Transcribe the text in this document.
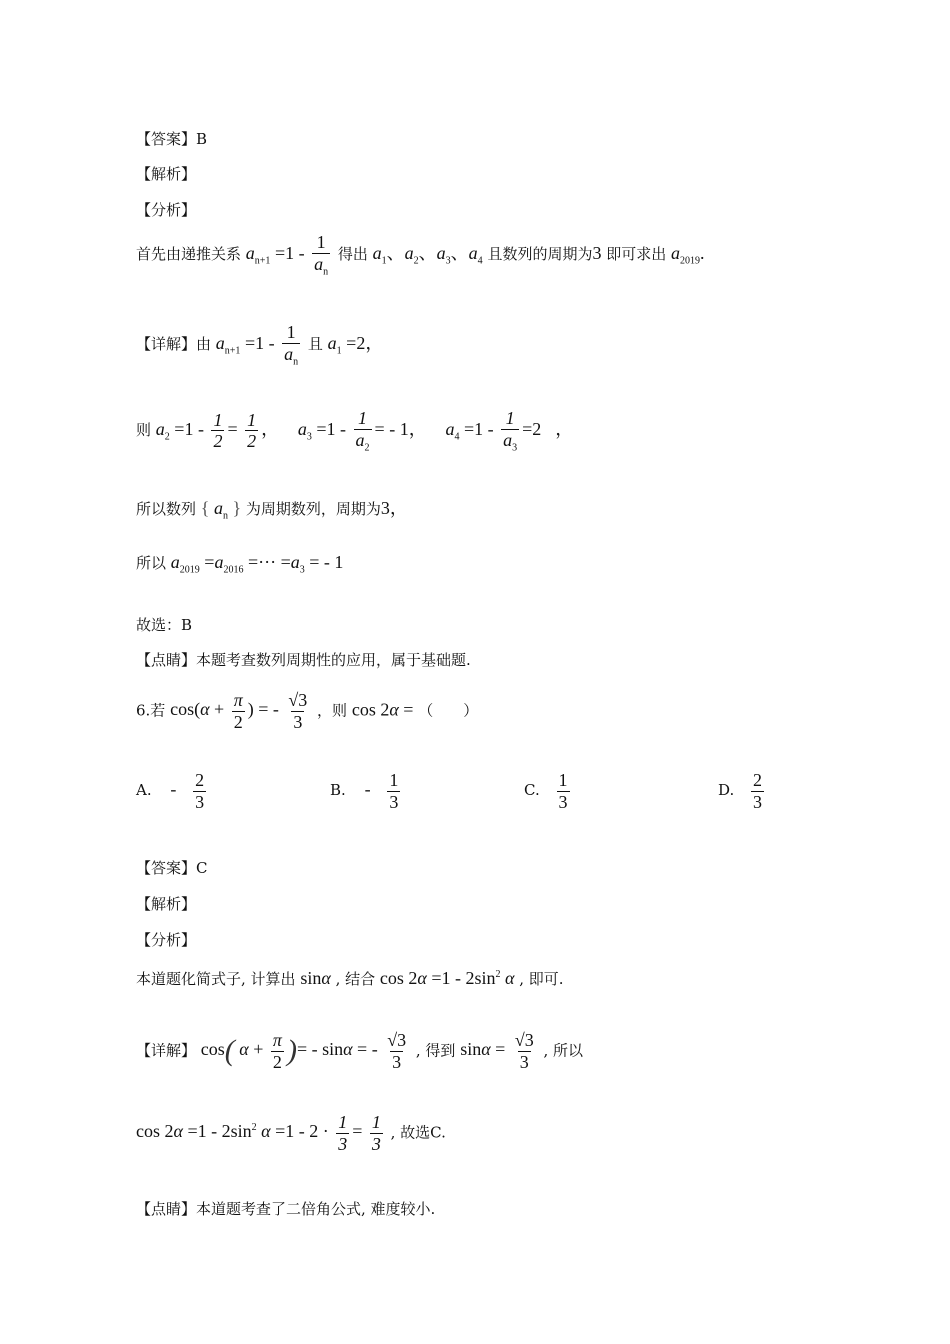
【答案】B
【解析】
【分析】
首先由递推关系 $a_{n+1} =1 - \frac{1}{a_n}$ 得出 $a_1$、$a_2$、$a_3$、$a_4$ 且数列的周期为3 即可求出 $a_{2019}$.
【详解】由 $a_{n+1} =1 - \frac{1}{a_n}$ 且 $a_1 =2$，
则 $a_2 =1 - \frac{1}{2} = \frac{1}{2}$ ， $a_3 =1 - \frac{1}{a_2}$ = - 1， $a_4 =1 - \frac{1}{a_3} =2$ ，
所以数列 { $a_n$ } 为周期数列，周期为3，
所以 $a_{2019} =a_{2016}$ =··· $=a_3$ = - 1
故选：B
【点睛】本题考查数列周期性的应用，属于基础题.
6.若 $\cos(\alpha + \frac{\pi}{2}$ ) = - $\frac{√3}{3}$ ，则 cos 2α = （　　）
A. - $\frac{2}{3}$	B. - $\frac{1}{3}$	C. $\frac{1}{3}$	D. $\frac{2}{3}$
【答案】C
【解析】
【分析】
本道题化简式子, 计算出 sinα , 结合 $\cos 2\alpha =1 - 2\sin^2$ α , 即可.
【详解】 cos( $\alpha + \frac{\pi}{2}$ )= - sinα = - $\frac{√3}{3}$ , 得到 $\sin\alpha = \frac{√3}{3}$ , 所以
$\cos 2\alpha =1 - 2\sin^2$ $\alpha =1 - 2 \cdot \frac{1}{3} = \frac{1}{3}$ , 故选C.
【点睛】本道题考查了二倍角公式, 难度较小.
